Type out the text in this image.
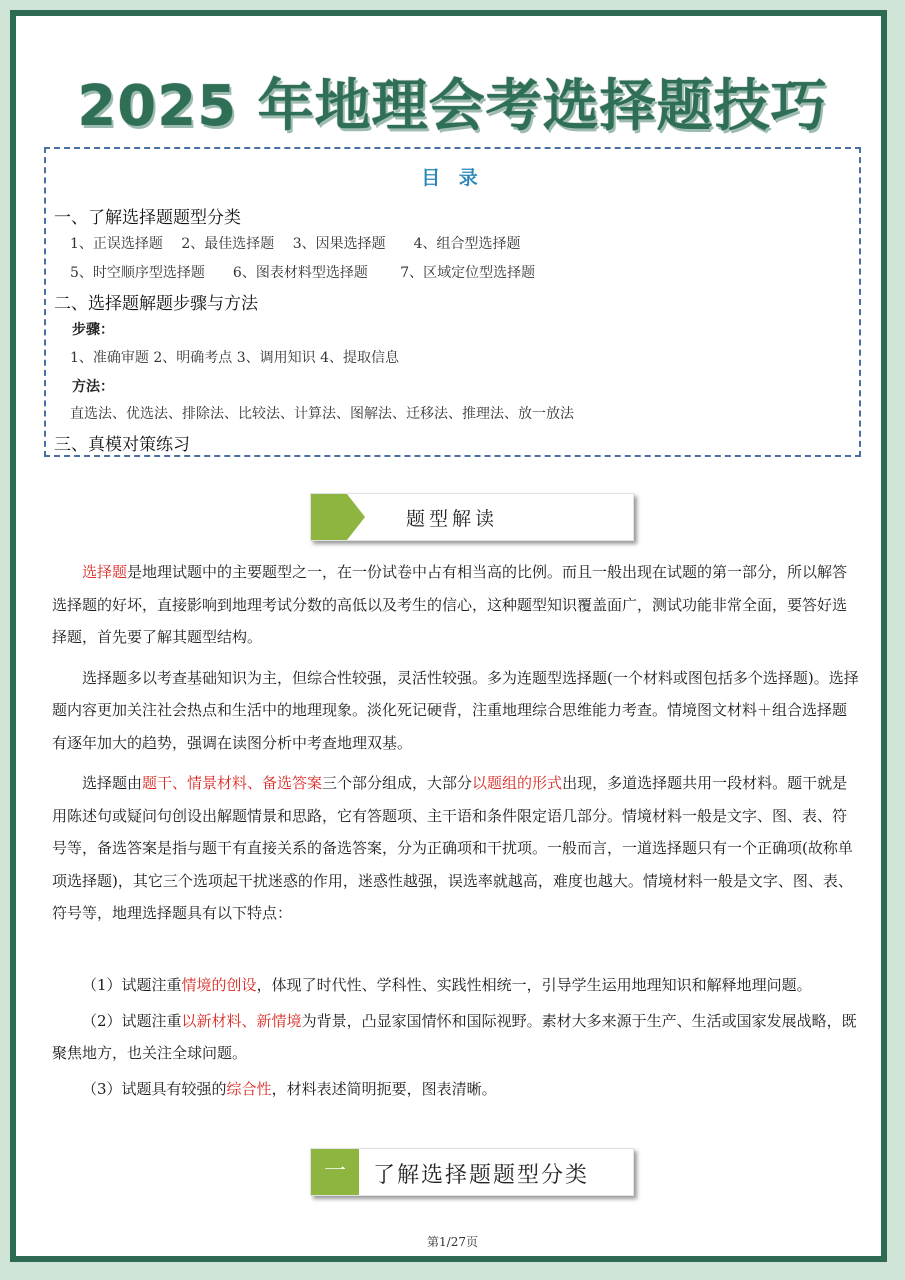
2025 年地理会考选择题技巧
目 录
一、了解选择题题型分类
1、正误选择题　 2、最佳选择题　 3、因果选择题　　4、组合型选择题
5、时空顺序型选择题　　6、图表材料型选择题　　 7、区域定位型选择题
二、选择题解题步骤与方法
步骤：
1、准确审题 2、明确考点 3、调用知识 4、提取信息
方法：
直选法、优选法、排除法、比较法、计算法、图解法、迁移法、推理法、放一放法
三、真模对策练习
题型解读

选择题是地理试题中的主要题型之一，在一份试卷中占有相当高的比例。而且一般出现在试题的第一部分，所以解答选择题的好坏，直接影响到地理考试分数的高低以及考生的信心，这种题型知识覆盖面广，测试功能非常全面，要答好选择题，首先要了解其题型结构。

选择题多以考查基础知识为主，但综合性较强，灵活性较强。多为连题型选择题(一个材料或图包括多个选择题)。选择题内容更加关注社会热点和生活中的地理现象。淡化死记硬背，注重地理综合思维能力考查。情境图文材料＋组合选择题有逐年加大的趋势，强调在读图分析中考查地理双基。

选择题由题干、情景材料、备选答案三个部分组成，大部分以题组的形式出现，多道选择题共用一段材料。题干就是用陈述句或疑问句创设出解题情景和思路，它有答题项、主干语和条件限定语几部分。情境材料一般是文字、图、表、符号等，备选答案是指与题干有直接关系的备选答案，分为正确项和干扰项。一般而言，一道选择题只有一个正确项(故称单项选择题)，其它三个选项起干扰迷惑的作用，迷惑性越强，误选率就越高，难度也越大。情境材料一般是文字、图、表、符号等，地理选择题具有以下特点：

（1）试题注重情境的创设，体现了时代性、学科性、实践性相统一，引导学生运用地理知识和解释地理问题。

（2）试题注重以新材料、新情境为背景，凸显家国情怀和国际视野。素材大多来源于生产、生活或国家发展战略，既聚焦地方，也关注全球问题。

（3）试题具有较强的综合性，材料表述简明扼要，图表清晰。

一	了解选择题题型分类
第1/27页
